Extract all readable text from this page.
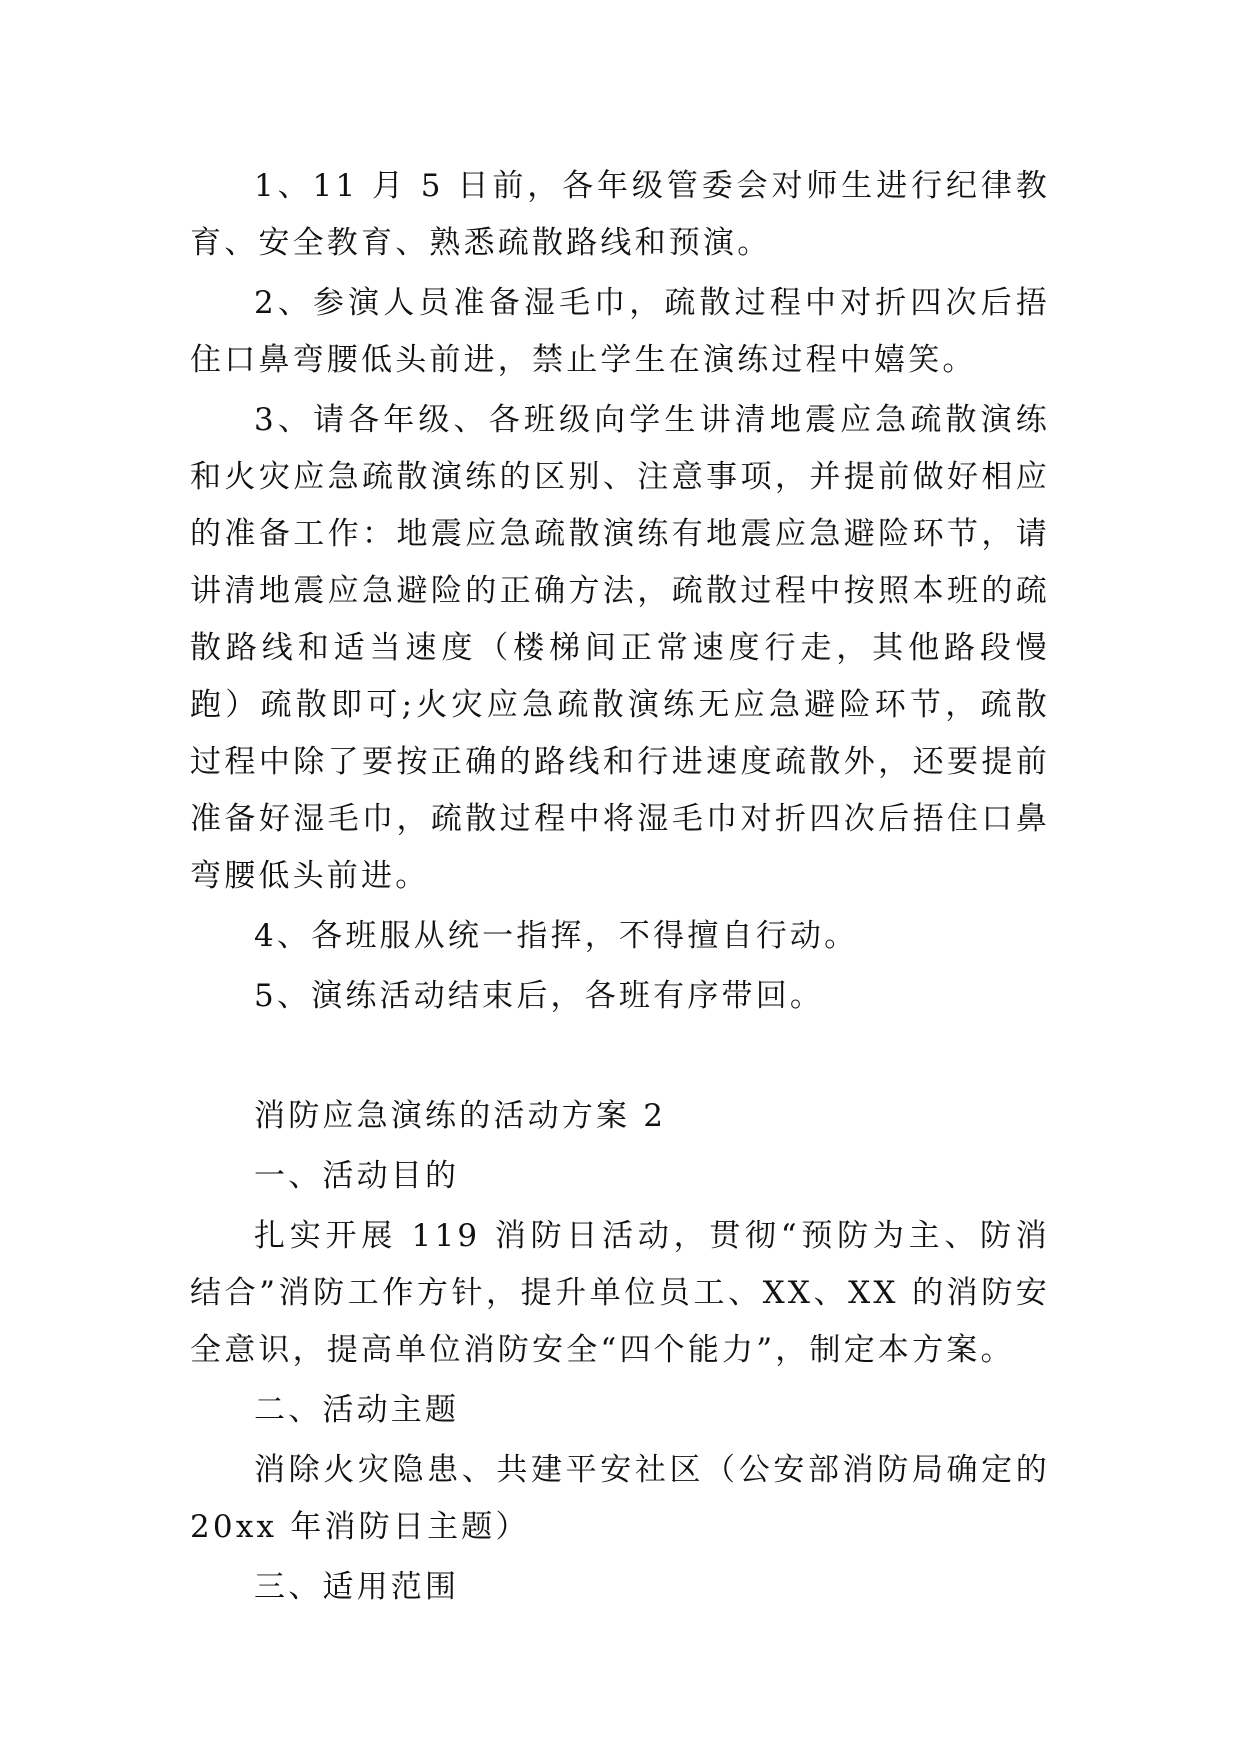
1、11 月 5 日前，各年级管委会对师生进行纪律教育、安全教育、熟悉疏散路线和预演。

2、参演人员准备湿毛巾，疏散过程中对折四次后捂住口鼻弯腰低头前进，禁止学生在演练过程中嬉笑。

3、请各年级、各班级向学生讲清地震应急疏散演练和火灾应急疏散演练的区别、注意事项，并提前做好相应的准备工作：地震应急疏散演练有地震应急避险环节，请讲清地震应急避险的正确方法，疏散过程中按照本班的疏散路线和适当速度（楼梯间正常速度行走，其他路段慢跑）疏散即可;火灾应急疏散演练无应急避险环节，疏散过程中除了要按正确的路线和行进速度疏散外，还要提前准备好湿毛巾，疏散过程中将湿毛巾对折四次后捂住口鼻弯腰低头前进。

4、各班服从统一指挥，不得擅自行动。

5、演练活动结束后，各班有序带回。

消防应急演练的活动方案 2

一、活动目的

扎实开展 119 消防日活动，贯彻“预防为主、防消结合”消防工作方针，提升单位员工、XX、XX 的消防安全意识，提高单位消防安全“四个能力”，制定本方案。

二、活动主题

消除火灾隐患、共建平安社区（公安部消防局确定的20xx 年消防日主题）

三、适用范围
